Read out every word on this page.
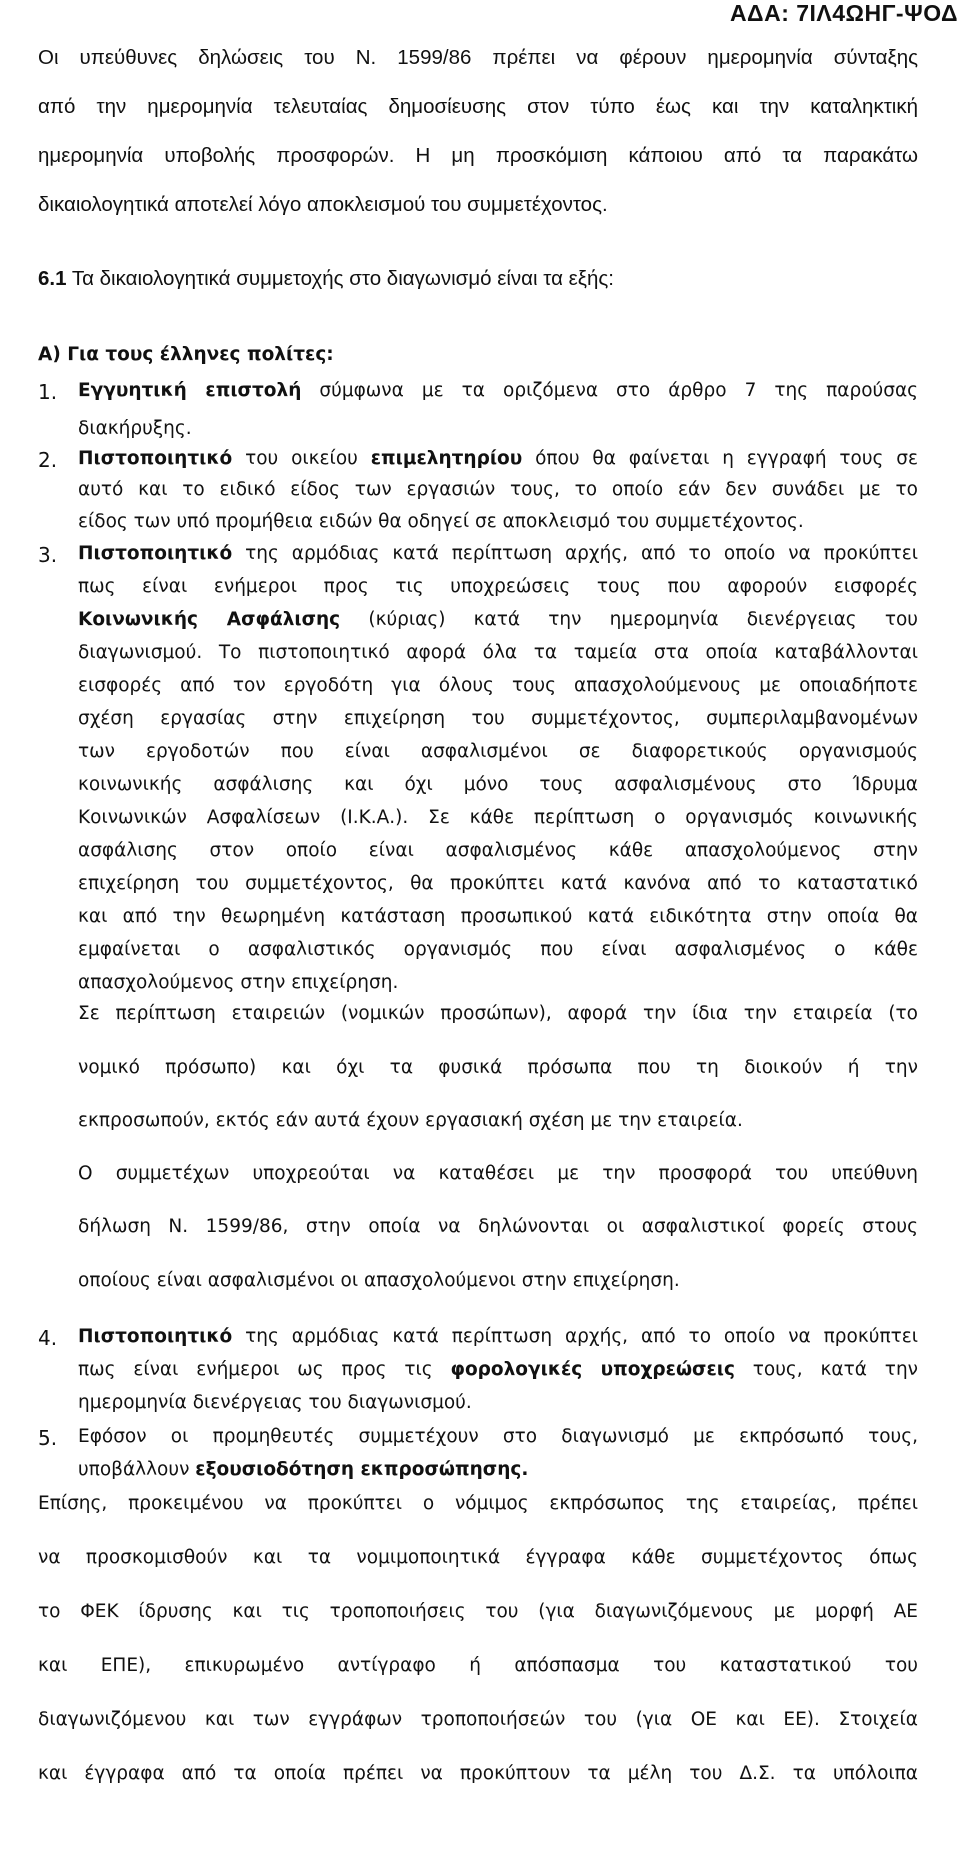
ΑΔΑ: 7ΙΛ4ΩΗΓ-ΨΟΔ
Οι υπεύθυνες δηλώσεις του Ν. 1599/86 πρέπει να φέρουν ημερομηνία σύνταξης
από την ημερομηνία τελευταίας δημοσίευσης στον τύπο έως και την καταληκτική
ημερομηνία υποβολής προσφορών. Η μη προσκόμιση κάποιου από τα παρακάτω
δικαιολογητικά αποτελεί λόγο αποκλεισμού του συμμετέχοντος.
6.1 Τα δικαιολογητικά συμμετοχής στο διαγωνισμό είναι τα εξής:
Α) Για τους έλληνες πολίτες:
1. Εγγυητική επιστολή σύμφωνα με τα οριζόμενα στο άρθρο 7 της παρούσας
διακήρυξης.
2. Πιστοποιητικό του οικείου επιμελητηρίου όπου θα φαίνεται η εγγραφή τους σε
αυτό και το ειδικό είδος των εργασιών τους, το οποίο εάν δεν συνάδει με το
είδος των υπό προμήθεια ειδών θα οδηγεί σε αποκλεισμό του συμμετέχοντος.
3. Πιστοποιητικό της αρμόδιας κατά περίπτωση αρχής, από το οποίο να προκύπτει
πως είναι ενήμεροι προς τις υποχρεώσεις τους που αφορούν εισφορές
Κοινωνικής Ασφάλισης (κύριας) κατά την ημερομηνία διενέργειας του
διαγωνισμού. Το πιστοποιητικό αφορά όλα τα ταμεία στα οποία καταβάλλονται
εισφορές από τον εργοδότη για όλους τους απασχολούμενους με οποιαδήποτε
σχέση εργασίας στην επιχείρηση του συμμετέχοντος, συμπεριλαμβανομένων
των εργοδοτών που είναι ασφαλισμένοι σε διαφορετικούς οργανισμούς
κοινωνικής ασφάλισης και όχι μόνο τους ασφαλισμένους στο Ίδρυμα
Κοινωνικών Ασφαλίσεων (Ι.Κ.Α.). Σε κάθε περίπτωση ο οργανισμός κοινωνικής
ασφάλισης στον οποίο είναι ασφαλισμένος κάθε απασχολούμενος στην
επιχείρηση του συμμετέχοντος, θα προκύπτει κατά κανόνα από το καταστατικό
και από την θεωρημένη κατάσταση προσωπικού κατά ειδικότητα στην οποία θα
εμφαίνεται ο ασφαλιστικός οργανισμός που είναι ασφαλισμένος ο κάθε
απασχολούμενος στην επιχείρηση.
Σε περίπτωση εταιρειών (νομικών προσώπων), αφορά την ίδια την εταιρεία (το
νομικό πρόσωπο) και όχι τα φυσικά πρόσωπα που τη διοικούν ή την
εκπροσωπούν, εκτός εάν αυτά έχουν εργασιακή σχέση με την εταιρεία.
Ο συμμετέχων υποχρεούται να καταθέσει με την προσφορά του υπεύθυνη
δήλωση Ν. 1599/86, στην οποία να δηλώνονται οι ασφαλιστικοί φορείς στους
οποίους είναι ασφαλισμένοι οι απασχολούμενοι στην επιχείρηση.
4. Πιστοποιητικό της αρμόδιας κατά περίπτωση αρχής, από το οποίο να προκύπτει
πως είναι ενήμεροι ως προς τις φορολογικές υποχρεώσεις τους, κατά την
ημερομηνία διενέργειας του διαγωνισμού.
5. Εφόσον οι προμηθευτές συμμετέχουν στο διαγωνισμό με εκπρόσωπό τους,
υποβάλλουν εξουσιοδότηση εκπροσώπησης.
Επίσης, προκειμένου να προκύπτει ο νόμιμος εκπρόσωπος της εταιρείας, πρέπει
να προσκομισθούν και τα νομιμοποιητικά έγγραφα κάθε συμμετέχοντος όπως
το ΦΕΚ ίδρυσης και τις τροποποιήσεις του (για διαγωνιζόμενους με μορφή ΑΕ
και ΕΠΕ), επικυρωμένο αντίγραφο ή απόσπασμα του καταστατικού του
διαγωνιζόμενου και των εγγράφων τροποποιήσεών του (για ΟΕ και ΕΕ). Στοιχεία
και έγγραφα από τα οποία πρέπει να προκύπτουν τα μέλη του Δ.Σ. τα υπόλοιπα
